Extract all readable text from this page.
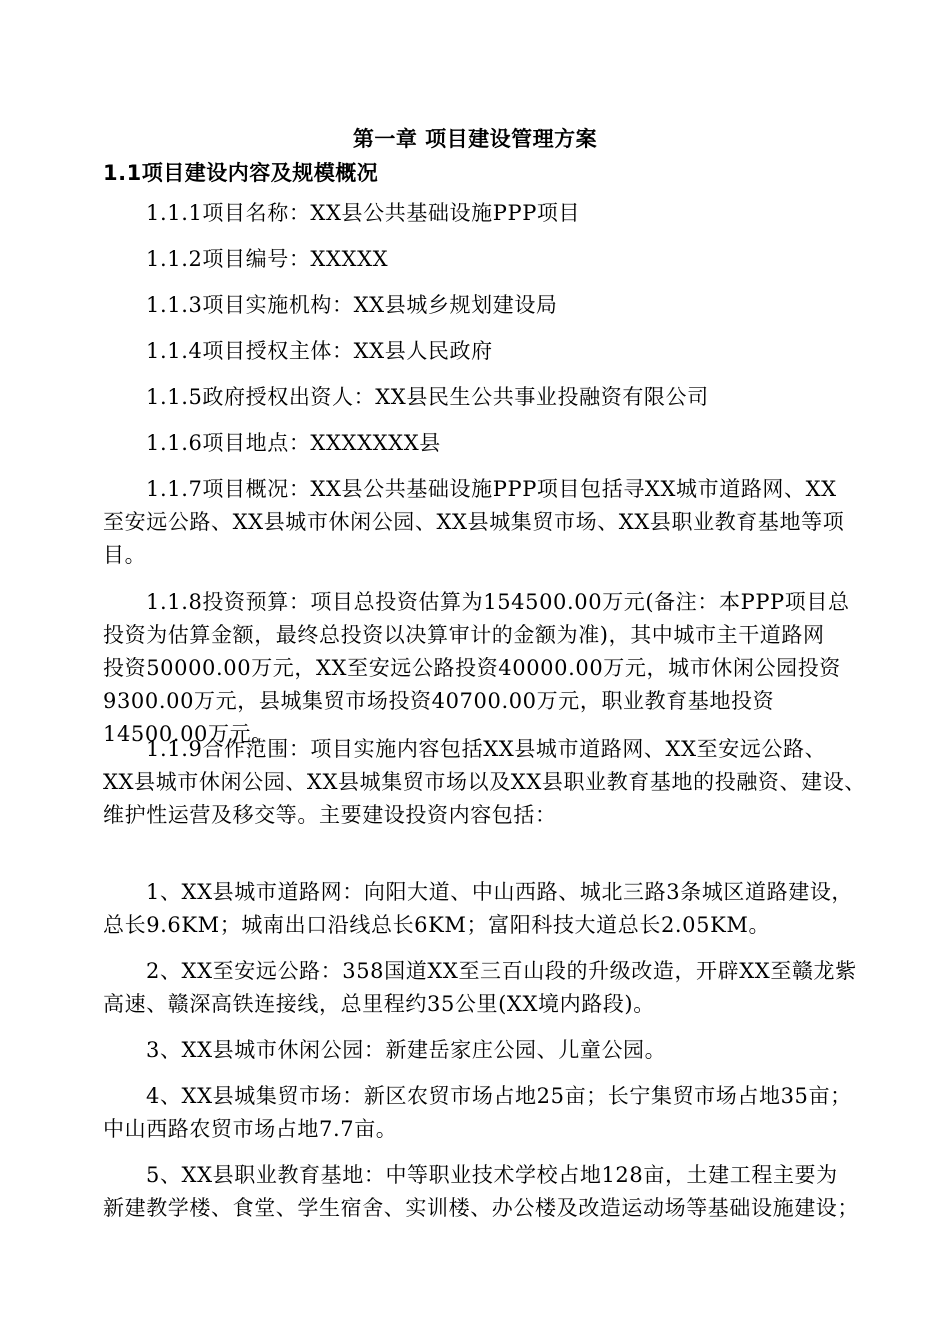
第一章 项目建设管理方案
1.1项目建设内容及规模概况
1.1.1项目名称：XX县公共基础设施PPP项目
1.1.2项目编号：XXXXX
1.1.3项目实施机构：XX县城乡规划建设局
1.1.4项目授权主体：XX县人民政府
1.1.5政府授权出资人：XX县民生公共事业投融资有限公司
1.1.6项目地点：XXXXXXX县
1.1.7项目概况：XX县公共基础设施PPP项目包括寻XX城市道路网、XX
至安远公路、XX县城市休闲公园、XX县城集贸市场、XX县职业教育基地等项
目。
1.1.8投资预算：项目总投资估算为154500.00万元(备注：本PPP项目总
投资为估算金额，最终总投资以决算审计的金额为准)，其中城市主干道路网
投资50000.00万元，XX至安远公路投资40000.00万元，城市休闲公园投资
9300.00万元，县城集贸市场投资40700.00万元，职业教育基地投资
14500.00万元。
1.1.9合作范围：项目实施内容包括XX县城市道路网、XX至安远公路、
XX县城市休闲公园、XX县城集贸市场以及XX县职业教育基地的投融资、建设、
维护性运营及移交等。主要建设投资内容包括：
1、XX县城市道路网：向阳大道、中山西路、城北三路3条城区道路建设，
总长9.6KM；城南出口沿线总长6KM；富阳科技大道总长2.05KM。
2、XX至安远公路：358国道XX至三百山段的升级改造，开辟XX至赣龙紫
高速、赣深高铁连接线，总里程约35公里(XX境内路段)。
3、XX县城市休闲公园：新建岳家庄公园、儿童公园。
4、XX县城集贸市场：新区农贸市场占地25亩；长宁集贸市场占地35亩；
中山西路农贸市场占地7.7亩。
5、XX县职业教育基地：中等职业技术学校占地128亩，土建工程主要为
新建教学楼、食堂、学生宿舍、实训楼、办公楼及改造运动场等基础设施建设；
